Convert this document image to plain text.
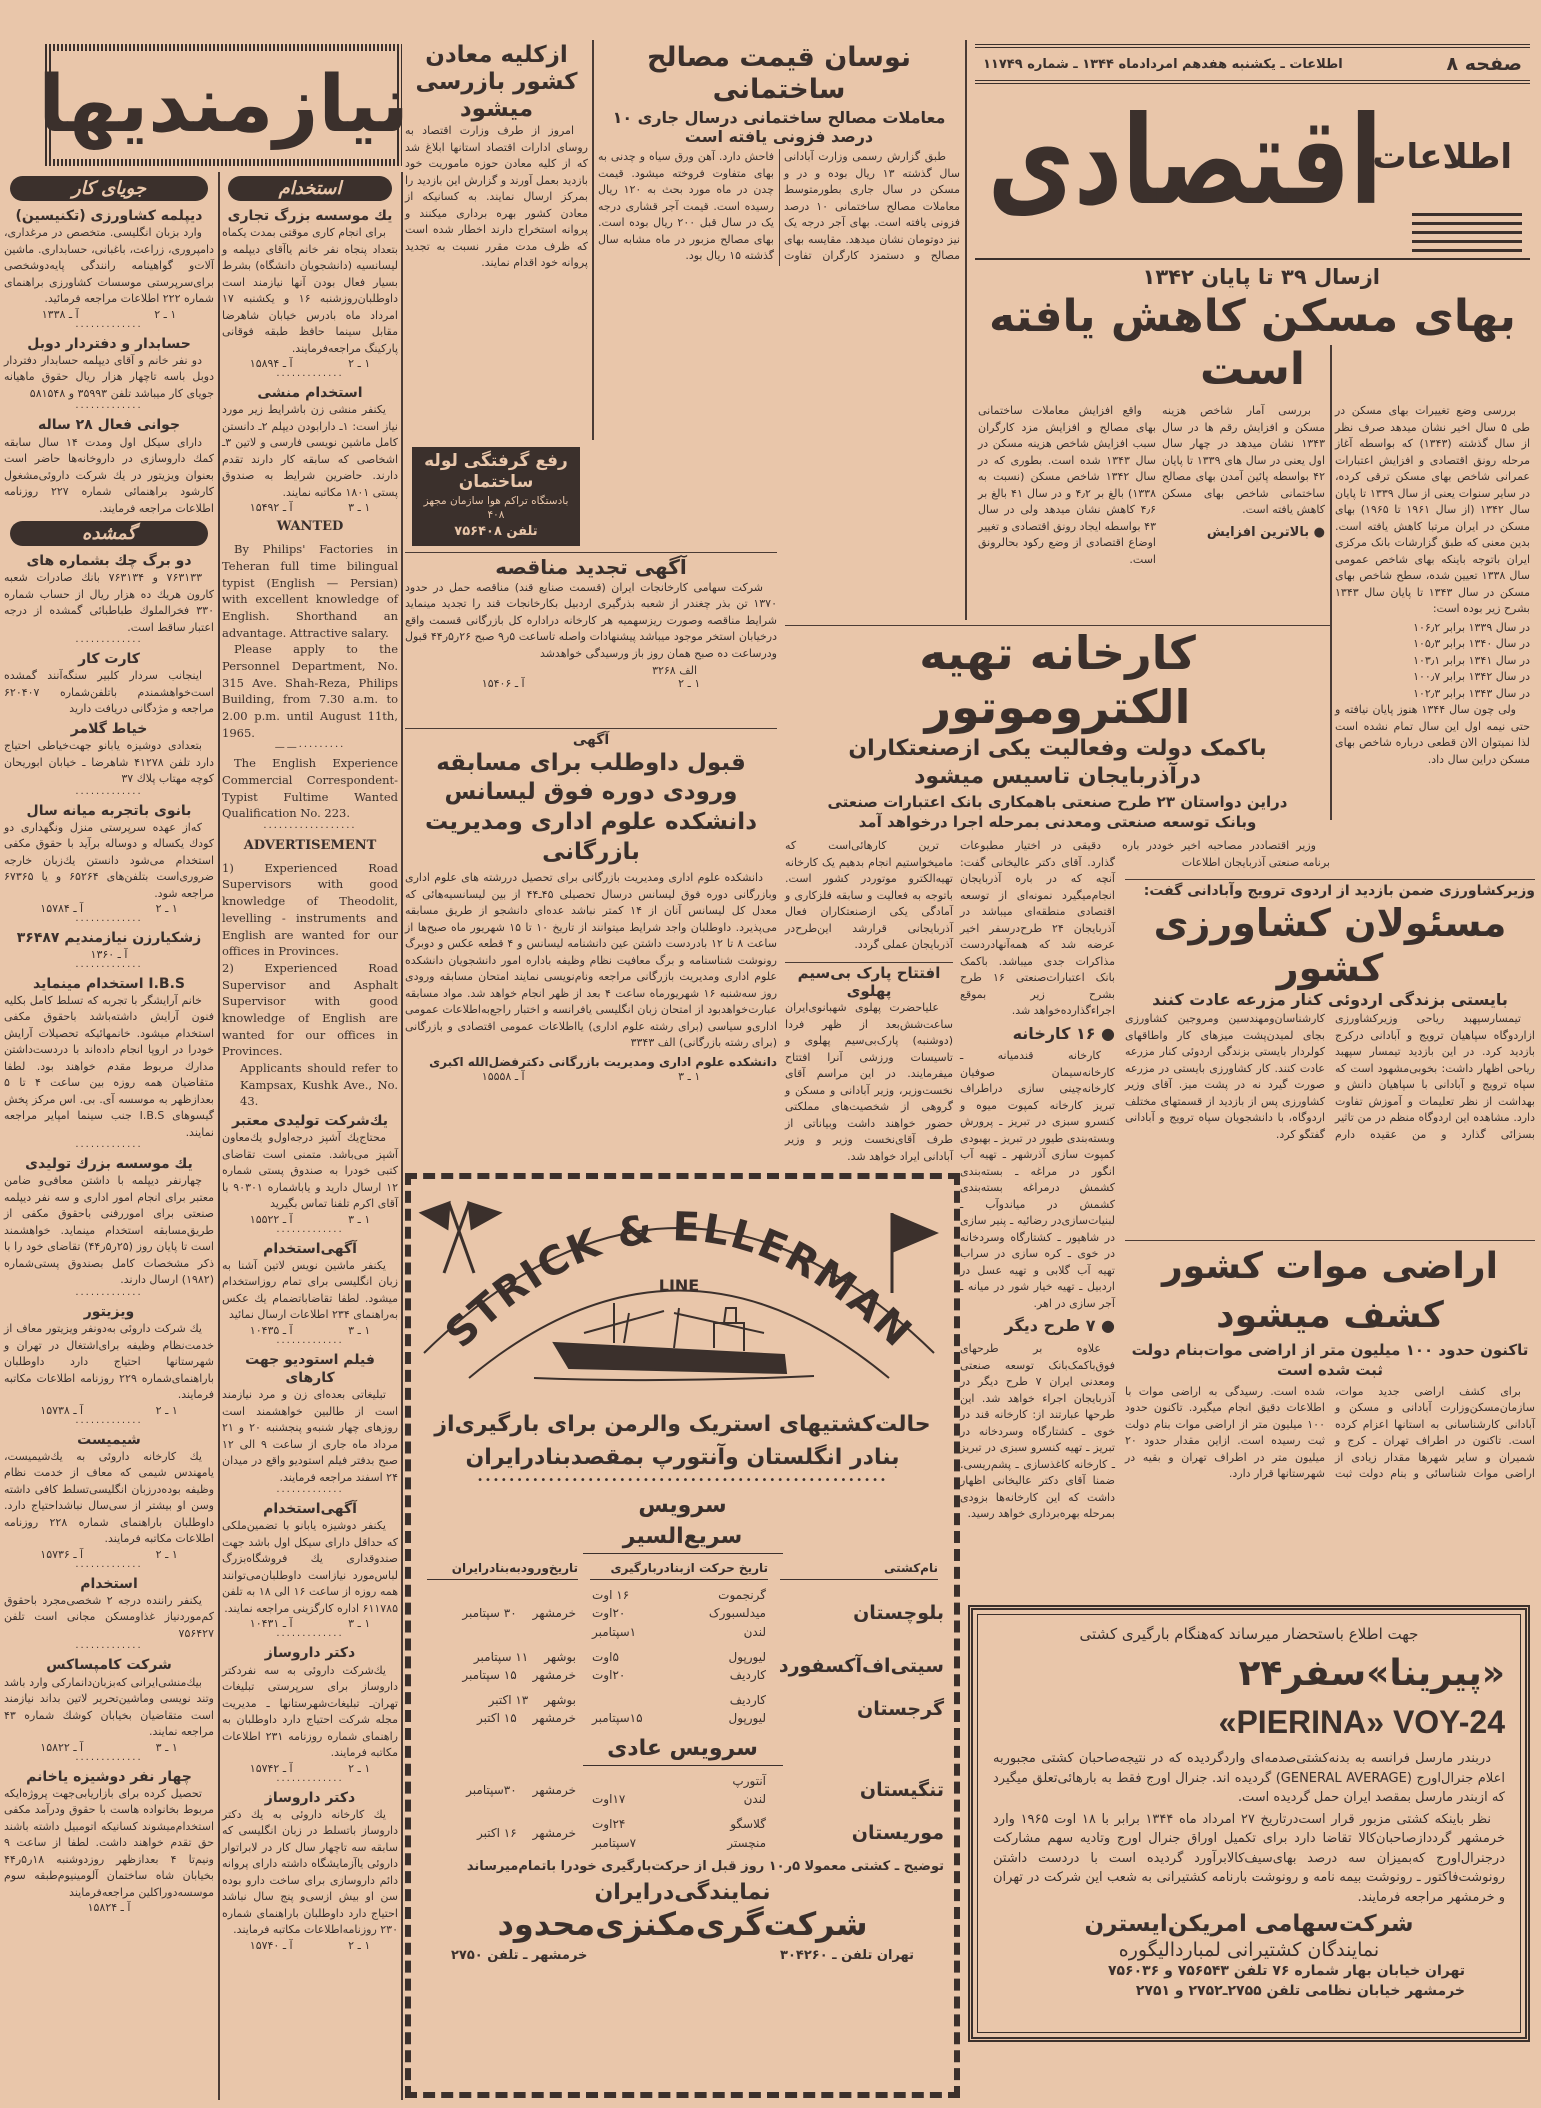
صفحه ۸
اطلاعات ـ یکشنبه هفدهم امردادماه ۱۳۴۴ ـ شماره ۱۱۷۴۹
اطلاعات
اقتصادی
ازسال ۳۹ تا پایان ۱۳۴۲
بهای مسکن کاهش یافته است

بررسی وضع تغییرات بهای مسکن در طی ۵ سال اخیر نشان میدهد صرف نظر از سال گذشته (۱۳۴۳) که بواسطه آغاز مرحله رونق اقتصادی و افزایش اعتبارات عمرانی شاخص بهای مسکن ترقی کرده، در سایر سنوات یعنی از سال ۱۳۳۹ تا پایان سال ۱۳۴۲ (از سال ۱۹۶۱ تا ۱۹۶۵) بهای مسکن در ایران مرتبا کاهش یافته است. بدین معنی که طبق گزارشات بانک مرکزی ایران باتوجه باینکه بهای شاخص عمومی سال ۱۳۳۸ تعیین شده، سطح شاخص بهای مسکن در سال ۱۳۴۳ تا پایان سال ۱۳۴۳ بشرح زیر بوده است:

در سال ۱۳۳۹ برابر ۱۰۶٫۲
در سال ۱۳۴۰ برابر ۱۰۵٫۳
در سال ۱۳۴۱ برابر ۱۰۳٫۱
در سال ۱۳۴۲ برابر ۱۰۰٫۷
در سال ۱۳۴۳ برابر ۱۰۲٫۳

ولی چون سال ۱۳۴۴ هنوز پایان نیافته و حتی نیمه اول این سال تمام نشده است لذا نمیتوان الان قطعی درباره شاخص بهای مسکن دراین سال داد.

بررسی آمار شاخص هزینه مسکن و افزایش رقم ها در سال ۱۳۴۳ نشان میدهد در چهار سال اول یعنی در سال های ۱۳۳۹ تا پایان ۴۲ بواسطه پائین آمدن بهای مصالح ساختمانی شاخص بهای مسکن کاهش یافته است.

● بالاترین افزایش

واقع افزایش معاملات ساختمانی بهای مصالح و افزایش مزد کارگران سبب افزایش شاخص هزینه مسکن در سال ۱۳۴۳ شده است. بطوری که در سال ۱۳۴۲ شاخص مسکن (نسبت به ۱۳۳۸) بالغ بر ۴٫۲ و در سال ۴۱ بالغ بر ۴٫۶ کاهش نشان میدهد ولی در سال ۴۳ بواسطه ایجاد رونق اقتصادی و تغییر اوضاع اقتصادی از وضع رکود بحالرونق است.

نوسان قیمت مصالح ساختمانی
معاملات مصالح ساختمانی درسال جاری ۱۰ درصد فزونی یافته است

طبق گزارش رسمی وزارت آبادانی سال گذشته ۱۳ ریال بوده و در و مسکن در سال جاری بطورمتوسط معاملات مصالح ساختمانی ۱۰ درصد فزونی یافته است. بهای آجر درجه یک نیز دوتومان نشان میدهد. مقایسه بهای مصالح و دستمزد کارگران تفاوت فاحش دارد. آهن ورق سیاه و چدنی به بهای متفاوت فروخته میشود. قیمت چدن در ماه مورد بحث به ۱۲۰ ریال رسیده است. قیمت آجر قشاری درجه یک در سال قبل ۲۰۰ ریال بوده است. بهای مصالح مزبور در ماه مشابه سال گذشته ۱۵ ریال بود.

ازکلیه معادن کشور بازرسی میشود

امروز از طرف وزارت اقتصاد به روسای ادارات اقتصاد استانها ابلاغ شد که از کلیه معادن حوزه ماموریت خود بازدید بعمل آورند و گزارش این بازدید را بمرکز ارسال نمایند. به کسانیکه از معادن کشور بهره برداری میکنند و پروانه استخراج دارند اخطار شده است که ظرف مدت مقرر نسبت به تجدید پروانه خود اقدام نمایند.

رفع گرفتگی لوله ساختمان
بادستگاه تراکم هوا سازمان مجهز ۴۰۸
تلفن ۷۵۶۴۰۸
آگهی تجدید مناقصه

شرکت سهامی کارخانجات ایران (قسمت صنایع قند) مناقصه حمل در حدود ۱۳۷۰ تن بذر چغندر از شعبه بذرگیری اردبیل بکارخانجات قند را تجدید مینماید شرایط مناقصه وصورت ریزسهمیه هر کارخانه دراداره کل بازرگانی قسمت واقع درخیابان استخر موجود میباشد پیشنهادات واصله تاساعت ۵ر۹ صبح ۲۶ر۵ر۴۴ قبول ودرساعت ده صبح همان روز باز ورسیدگی خواهدشد

الف ۳۲۶۸
۱ ـ ۲
آ ـ ۱۵۴۰۶
آگهی
قبول داوطلب برای مسابقه ورودی دوره فوق لیسانس دانشکده علوم اداری ومدیریت بازرگانی

دانشکده علوم اداری ومدیریت بازرگانی برای تحصیل دررشته های علوم اداری وبازرگانی دوره فوق لیسانس درسال تحصیلی ۴۵ـ۴۴ از بین لیسانسیه‌هائی که معدل کل لیسانس آنان از ۱۴ کمتر نباشد عده‌ای دانشجو از طریق مسابقه می‌پذیرد. داوطلبان واجد شرایط میتوانند از تاریخ ۱۰ تا ۱۵ شهریور ماه صبح‌ها از ساعت ۸ تا ۱۲ بادردست داشتن عین دانشنامه لیسانس و ۴ قطعه عکس و دوبرگ رونوشت شناسنامه و برگ معافیت نظام وظیفه باداره امور دانشجویان دانشکده علوم اداری ومدیریت بازرگانی مراجعه ونام‌نویسی نمایند امتحان مسابقه ورودی روز سه‌شنبه ۱۶ شهریورماه ساعت ۴ بعد از ظهر انجام خواهد شد. مواد مسابقه عبارت‌خواهدبود از امتحان زبان انگلیسی یافرانسه و اختبار راجع‌به‌اطلاعات عمومی اداری‌و سیاسی (برای رشته علوم اداری) یااطلاعات عمومی اقتصادی و بازرگانی (برای رشته بازرگانی) الف ۳۳۴۳

دانشکده علوم اداری ومدیریت بازرگانی دکترفضل‌الله اکبری
۱ ـ ۳
آ ـ ۱۵۵۵۸
کارخانه تهیه الکتروموتور
باکمک دولت وفعالیت یکی ازصنعتکاران درآذربایجان تاسیس میشود
دراین دواستان ۲۳ طرح صنعتی باهمکاری بانک اعتبارات صنعتی وبانک توسعه صنعتی ومعدنی بمرحله اجرا درخواهد آمد

وزیر اقتصاددر مصاحبه اخیر خوددر باره برنامه صنعتی آذربایجان اطلاعات

دقیقی در اختیار مطبوعات گذارد. آقای دکتر عالیخانی گفت: آنچه که در باره آذربایجان انجام‌میگیرد نمونه‌ای از توسعه اقتصادی منطقه‌ای میباشد در آذربایجان ۲۴ طرح‌درسفر اخیر عرضه شد که همه‌آنها‌دردست مذاکرات جدی میباشد. باکمک بانک اعتبارات‌صنعتی ۱۶ طرح بشرح زیر بموقع اجراء‌گذارده‌خواهد شد.

● ۱۶ کارخانه

کارخانه قندمیانه ـ کارخانه‌سیمان صوفیان کارخانه‌چینی سازی دراطراف تبریز کارخانه کمپوت میوه و کنسرو سبزی در تبریز ـ پرورش وبسته‌بندی طیور در تبریز ـ بهبودی کمپوت سازی آذرشهر ـ تهیه آب انگور در مراغه ـ بسته‌بندی کشمش درمراغه بسته‌بندی کشمش در میاندوآب ـ لبنیات‌سازی‌در رضائیه ـ پنیر سازی در شاهپور ـ کشتارگاه وسردخانه در خوی ـ کره سازی در سراب تهیه آب گلابی و تهیه عسل در اردبیل ـ تهیه خیار شور در میانه ـ آجر سازی در اهر.

● ۷ طرح دیگر

علاوه بر طرحهای فوق‌با‌کمک‌بانک توسعه صنعتی ومعدنی ایران ۷ طرح دیگر در آذربایجان اجراء خواهد شد. این طرحها عبارتند از: کارخانه قند در خوی ـ کشتارگاه وسردخانه در تبریز ـ تهیه کنسرو سبزی در تبریز ـ کارخانه کاغذسازی ـ پشم‌ریسی. ضمنا آقای دکتر عالیخانی اظهار داشت که این کارخانه‌ها بزودی بمرحله بهره‌برداری خواهد رسید.

ترین کارهائی‌است که مامیخواستیم انجام بدهیم یک کارخانه تهیه‌الکترو موتوردر کشور است. باتوجه به فعالیت و سابقه فلزکاری و آمادگی یکی ازصنعتکاران فعال آذربایجانی قرارشد این‌طرح‌در آذربایجان عملی گردد.

افتتاح پارک بی‌سیم پهلوی

علیاحضرت پهلوی شهبانوی‌ایران ساعت‌شش‌بعد از ظهر فردا (دوشنبه) پارک‌بی‌سیم پهلوی و تاسیسات ورزشی آنرا افتتاح میفرمایند. در این مراسم آقای نخست‌وزیر، وزیر آبادانی و مسکن و گروهی از شخصیت‌های مملکتی حضور خواهند داشت وبیاناتی از طرف آقای‌نخست وزیر و وزیر آبادانی ایراد خواهد شد.

وزیرکشاورزی ضمن بازدید از اردوی ترویج وآبادانی گفت:
مسئولان کشاورزی کشور
بایستی بزندگی اردوئی کنار مزرعه عادت کنند

تیمسارسپهبد ریاحی وزیرکشاورزی ازاردوگاه سپاهیان ترویج و آبادانی درکرج بازدید کرد. در این بازدید تیمسار سپهبد ریاحی اظهار داشت: بخوبی‌مشهود است که سپاه ترویج و آبادانی با سپاهیان دانش و بهداشت از نظر تعلیمات و آموزش تفاوت دارد. مشاهده این اردوگاه منظم در من تاثیر بسزائی گذارد و من عقیده دارم کارشناسان‌ومهندسین ومروجین کشاورزی بجای لمیدن‌پشت میزهای کار واطاقهای کولردار بایستی بزندگی اردوئی کنار مزرعه عادت کنند. کار کشاورزی بایستی در مزرعه صورت گیرد نه در پشت میز. آقای وزیر کشاورزی پس از بازدید از قسمتهای مختلف اردوگاه، با دانشجویان سپاه ترویج و آبادانی گفتگو کرد.

اراضی موات کشور
کشف میشود
تاکنون حدود ۱۰۰ میلیون متر از اراضی موات‌بنام دولت ثبت شده است

برای کشف اراضی جدید موات، سازمان‌مسکن‌وزارت آبادانی و مسکن و آبادانی کارشناسانی به استانها اعزام کرده است. تاکنون در اطراف تهران ـ کرج و شمیران و سایر شهرها مقدار زیادی از اراضی موات شناسائی و بنام دولت ثبت شده است. رسیدگی به اراضی موات‌ با اطلاعات دقیق انجام میگیرد. تاکنون حدود ۱۰۰ میلیون متر از اراضی موات بنام دولت ثبت رسیده است. ازاین مقدار حدود ۲۰ میلیون متر در اطراف تهران و بقیه در شهرستانها قرار دارد.

جهت اطلاع باستحضار میرساند که‌هنگام بارگیری کشتی
«پیرینا»سفر۲۴
«PIERINA» VOY-24

دربندر مارسل فرانسه به بدنه‌کشتی‌صدمه‌ای واردگردیده که در نتیجه‌صاحبان کشتی مجبوربه اعلام جنرال‌اورج (GENERAL AVERAGE) گردیده اند. جنرال اورج فقط به بارهائی‌تعلق میگیرد که ازبندر مارسل بمقصد ایران حمل گردیده است.

نظر باینکه کشتی مزبور قرار است‌درتاریخ ۲۷ امرداد ماه ۱۳۴۴ برابر با ۱۸ اوت ۱۹۶۵ وارد خرمشهر گردد‌ازصاحبان‌کالا تقاضا دارد برای تکمیل اوراق جنرال اورج وتادیه سهم مشارکت درجنرال‌اورج که‌بمیزان سه درصد بهای‌سیف‌کالابرآورد گردیده است با دردست داشتن رونوشت‌فاکتور ـ رونوشت بیمه نامه و رونوشت بارنامه کشتیرانی به شعب این شرکت در تهران و خرمشهر مراجعه فرمایند.

شرکت‌سهامی امریکن‌ایسترن
نمایندگان کشتیرانی لمباردالیگوره
تهران خیابان بهار شماره ۷۶ تلفن ۷۵۶۵۴۳ و ۷۵۶۰۳۶
خرمشهر خیابان نظامی تلفن ۲۷۵۵ـ۲۷۵۲ و ۲۷۵۱
STRICK & ELLERMAN
LINE
حالت‌کشتیهای استریک والرمن برای بارگیری‌از
بنادر انگلستان وآنتورپ بمقصدبنادرایران
••••••••••••••••••••••••••••••••••••••••••••••••••••
سرویس سریع‌السیر
نام‌کشتی
تاریخ حرکت ازبنادربارگیری
تاریخ‌ورودبه‌بنادرایران
بلوچستان
گرنجموت
۱۶ اوت
میدلسبورک
۲۰اوت
لندن
۱سپتامبر
خرمشهر
۳۰ سپتامبر
سیتی‌اف‌آکسفورد
لیورپول
۵اوت
کاردیف
۲۰اوت
بوشهر
۱۱ سپتامبر
خرمشهر
۱۵ سپتامبر
گرجستان
کاردیف
لیورپول
۱۵سپتامبر
بوشهر
۱۳ اکتبر
خرمشهر
۱۵ اکتبر
سرویس عادی
تنگیستان
آنتورپ
لندن
۱۷اوت
خرمشهر
۳۰سپتامبر
موریستان
گلاسگو
۲۴اوت
منچستر
۷سپتامبر
خرمشهر
۱۶ اکتبر
توضیح ـ کشتی معمولا ۵ر۱۰ روز قبل از حرکت‌بارگیری خودرا باتمام‌میرساند
نمایندگی‌درایران
شرکت‌گری‌مکنزی‌محدود
تهران تلفن ـ ۳۰۴۲۶۰
خرمشهر ـ تلفن ۲۷۵۰
نیازمندیها
استخدام
یك موسسه بزرگ تجاری
برای انجام کاری موقتی بمدت یکماه بتعداد پنجاه نفر خانم یاآقای دیپلمه و لیسانسیه (دانشجویان دانشگاه) بشرط بسیار فعال بودن آنها نیازمند است داوطلبان‌روزشنبه ۱۶ و یکشنبه ۱۷ امرداد ماه بادرس خیابان شاهرضا مقابل سینما حافظ طبقه فوقانی پارکینگ مراجعه‌فرمایند.
۱ ـ ۲
آ ـ ۱۵۸۹۴
·············
استخدام منشی
یکنفر منشی زن باشرایط زیر مورد نیاز است: ۱ـ دارابودن دیپلم ۲ـ دانستن کامل ماشین نویسی فارسی و لاتین ۳ـ اشخاصی که سابقه کار دارند تقدم دارند. حاضرین شرایط به صندوق پستی ۱۸۰۱ مکاتبه نمایند.
۱ ـ ۳
آ ـ ۱۵۴۹۲
WANTED
By Philips' Factories in Teheran full time bilingual typist (English — Persian) with excellent knowledge of English. Shorthand an advantage. Attractive salary.
Please apply to the Personnel Department, No. 315 Ave. Shah-Reza, Philips Building, from 7.30 a.m. to 2.00 p.m. until August 11th, 1965.
——·········
The English Experience Commercial Correspondent-Typist Fultime Wanted Qualification No. 223.
··················
ADVERTISEMENT
1) Experienced Road Supervisors with good knowledge of Theodolit, levelling - instruments and English are wanted for our offices in Provinces.
2) Experienced Road Supervisor and Asphalt Supervisor with good knowledge of English are wanted for our offices in Provinces.
Applicants should refer to Kampsax, Kushk Ave., No. 43.
یك‌شرکت تولیدی معتبر
محتاج‌یك آشپز درجه‌اول‌و یك‌معاون آشپز می‌باشد. متمنی است تقاضای کتبی خودرا به صندوق پستی شماره ۱۲ ارسال دارید و یاباشماره ۹۰۳۰۱ با آقای اکرم تلفنا تماس بگیرید
۱ ـ ۳
آ ـ ۱۵۵۲۲
·············
آگهی‌استخدام
یکنفر ماشین نویس لاتین آشنا به زبان انگلیسی برای تمام روزاستخدام میشود. لطفا تقاضاباتضمام یك عکس به‌راهنمای ۲۳۴ اطلاعات ارسال نمائید
۱ ـ ۳
آ ـ ۱۰۴۳۵
·············
فیلم استودیو جهت کارهای
تبلیغاتی بعده‌ای زن و مرد نیازمند است از طالبین خواهشمند است روزهای چهار شنبه‌و پنجشنبه ۲۰ و ۲۱ مرداد ماه جاری از ساعت ۹ الی ۱۲ صبح بدفتر فیلم استودیو واقع در میدان ۲۴ اسفند مراجعه فرمایند.
·············
آگهی‌استخدام
یکنفر دوشیزه یابانو با تضمین‌ملکی که حداقل دارای سیکل اول باشد جهت صندوقداری یك فروشگاه‌بزرگ لباس‌مورد نیازاست داوطلبان‌می‌توانند همه روزه از ساعت ۱۶ الی ۱۸ به تلفن ۶۱۱۷۸۵ اداره کارگزینی مراجعه نمایند.
۱ ـ ۳
آ ـ ۱۰۴۳۱
·············
دکتر داروساز
یك‌شرکت داروئی به سه نفردکتر داروساز برای سرپرستی تبلیغات تهران‌ـ تبلیغات‌شهرستانها ـ مدیریت مجله شرکت احتیاج دارد داوطلبان به راهنمای شماره روزنامه ۲۳۱ اطلاعات مکاتبه فرمایند.
۱ ـ ۲
آ ـ ۱۵۷۴۲
·············
دکتر داروساز
یك کارخانه داروئی به یك دکتر داروساز باتسلط در زبان انگلیسی که سابقه سه تاچهار سال کار در لابراتوار داروئی یاآزمایشگاه داشته دارای پروانه دائم داروسازی برای ساخت دارو بوده سن او بیش ازسی‌و پنج سال نباشد احتیاج دارد داوطلبان باراهنمای شماره ۲۳۰ روزنامه‌اطلاعات مکاتبه فرمایند.
۱ ـ ۲
آ ـ ۱۵۷۴۰
جویای کار
دیپلمه کشاورزی (تکنیسین)
وارد بزبان انگلیسی. متخصص در مرغداری، دامپروری، زراعت، باغبانی، حسابداری. ماشین آلات‌و گواهینامه رانندگی پایه‌دوشخصی برای‌سرپرستی موسسات کشاورزی براهنمای شماره ۲۲۲ اطلاعات مراجعه فرمائید.
۱ ـ ۲
آ ـ ۱۳۳۸
·············
حسابدار و دفتردار دوبل
دو نفر خانم و آقای دیپلمه حسابدار دفتردار دوبل باسه تاچهار هزار ریال حقوق ماهیانه جویای کار میباشد تلفن ۳۵۹۹۳ و ۵۸۱۵۴۸
·············
جوانی فعال ۲۸ ساله
دارای سیکل اول ومدت ۱۴ سال سابقه کمك داروسازی در داروخانه‌ها حاضر است بعنوان ویزیتور در یك شرکت داروئی‌مشغول کارشود براهنمائی شماره ۲۲۷ روزنامه اطلاعات مراجعه فرمایند.
گمشده
دو برگ چك بشماره های
۷۶۳۱۳۳ و ۷۶۳۱۳۴ بانك صادرات شعبه کارون هریك ده هزار ریال از حساب شماره ۳۳۰ فخرالملوك طباطبائی گمشده از درجه اعتبار ساقط است.
·············
کارت کار
اینجانب سردار کلبیر سنگه‌آنند گمشده است‌خواهشمندم باتلفن‌شماره ۶۲۰۴۰۷ مراجعه و مژدگانی دریافت دارید
خیاط گلامر
بتعدادی دوشیزه یابانو جهت‌خیاطی احتیاج دارد تلفن ۴۱۲۷۸ شاهرضا ـ خیابان ابوریحان کوچه مهتاب پلاك ۳۷
·············
بانوی باتجربه میانه سال
که‌از عهده سرپرستی منزل ونگهداری دو کودك یکساله و دوساله برآید با حقوق مکفی استخدام می‌شود دانستن یك‌زبان خارجه ضروری‌است بتلفن‌های ۶۵۲۶۴ و یا ۶۷۳۶۵ مراجعه شود.
۱ ـ ۲
آ ـ ۱۵۷۸۴
·············
زشکیارزن نیازمندیم ۳۶۴۸۷
آ ـ ۱۳۶۰
·············
I.B.S استخدام مینماید
خانم آرایشگر با تجربه که تسلط کامل بکلیه فنون آرایش داشته‌باشد باحقوق مکفی استخدام میشود. خانمهائیکه تحصیلات آرایش خودرا در اروپا انجام داده‌اند با دردست‌داشتن مدارك مربوط مقدم خواهند بود. لطفا متقاضیان همه روزه بین ساعت ۴ تا ۵ بعدازظهر به موسسه آی. بی. اس مرکز پخش گیسوهای I.B.S جنب سینما امپایر مراجعه نمایند.
·············
یك موسسه بزرك تولیدی
چهارنفر دیپلمه با داشتن معافی‌و ضامن معتبر برای انجام امور اداری و سه نفر دیپلمه صنعتی برای اموررفنی باحقوق مکفی از طریق‌مسابقه استخدام مینماید. خواهشمند است تا پایان روز (۲۵ر۵ر۴۴) تقاضای خود را با ذکر مشخصات کامل بصندوق پستی‌شماره (۱۹۸۲) ارسال دارند.
·············
ویزیتور
یك شرکت داروئی به‌دونفر ویزیتور معاف از خدمت‌نظام وظیفه برای‌اشتغال در تهران و شهرستانها احتیاج دارد داوطلبان باراهنمای‌شماره ۲۲۹ روزنامه اطلاعات مکاتبه فرمایند.
۱ ـ ۲
آ ـ ۱۵۷۳۸
·············
شیمیست
یك کارخانه داروئی به یك‌شیمیست، یامهندس شیمی که معاف از خدمت نظام وظیفه بوده‌درزبان انگلیسی‌تسلط کافی داشته وسن او بیشتر از سی‌سال نباشد‌احتیاج دارد. داوطلبان باراهنمای شماره ۲۲۸ روزنامه اطلاعات مکاتبه فرمایند.
۱ ـ ۲
آ ـ ۱۵۷۳۶
·············
استخدام
یکنفر راننده درجه ۲ شخصی‌مجرد باحقوق کم‌موردنیاز غذاومسکن مجانی است تلفن ۷۵۶۴۲۷
·············
شرکت کامپساکس
بیك‌منشی‌ایرانی که‌بزبان‌دانمارکی وارد باشد وتند نویسی وماشین‌تحریر لاتین بداند نیازمند است متقاضیان بخیابان کوشك شماره ۴۳ مراجعه نمایند.
۱ ـ ۳
آ ـ ۱۵۸۲۲
·············
چهار نفر دوشیزه یاخانم
تحصیل کرده برای بازاریابی‌جهت پروژه‌ایکه مربوط بخانواده هاست با حقوق ودرآمد مکفی استخدام‌میشوند کسانیکه اتومبیل داشته باشند حق تقدم خواهند داشت. لطفا از ساعت ۹ ونیم‌تا ۴ بعدازظهر روزدوشنبه ۱۸ر۵ر۴۴ بخیابان شاه ساختمان آلومینیوم‌طبقه سوم موسسه‌دوراکلین مراجعه‌فرمایند
آ ـ ۱۵۸۲۴
